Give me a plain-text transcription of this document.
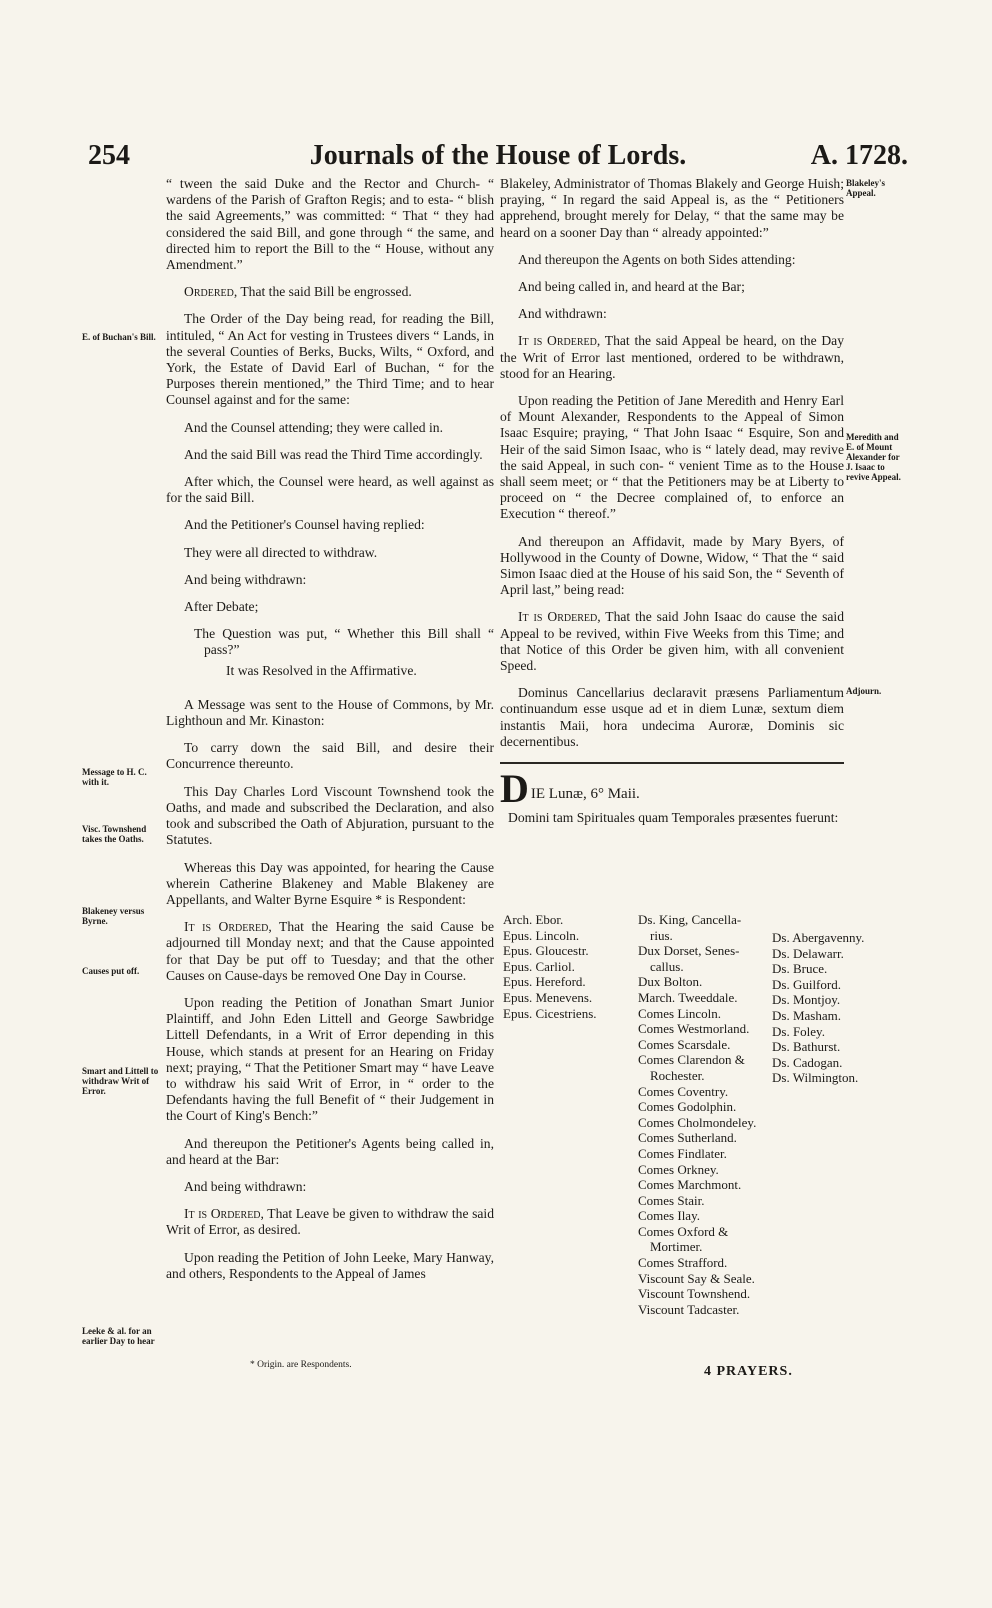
254	Journals of the House of Lords.	A. 1728.
“ tween the said Duke and the Rector and Church- “ wardens of the Parish of Grafton Regis; and to esta- “ blish the said Agreements,” was committed: “ That “ they had considered the said Bill, and gone through “ the same, and directed him to report the Bill to the “ House, without any Amendment.”
Ordered, That the said Bill be engrossed.
The Order of the Day being read, for reading the Bill, intituled, “ An Act for vesting in Trustees divers “ Lands, in the several Counties of Berks, Bucks, Wilts, “ Oxford, and York, the Estate of David Earl of Buchan, “ for the Purposes therein mentioned,” the Third Time; and to hear Counsel against and for the same:
And the Counsel attending; they were called in.
And the said Bill was read the Third Time accordingly.
After which, the Counsel were heard, as well against as for the said Bill.
And the Petitioner's Counsel having replied:
They were all directed to withdraw.
And being withdrawn:
After Debate;
The Question was put, “ Whether this Bill shall “ pass?”
It was Resolved in the Affirmative.
A Message was sent to the House of Commons, by Mr. Lighthoun and Mr. Kinaston:
To carry down the said Bill, and desire their Concurrence thereunto.
This Day Charles Lord Viscount Townshend took the Oaths, and made and subscribed the Declaration, and also took and subscribed the Oath of Abjuration, pursuant to the Statutes.
Whereas this Day was appointed, for hearing the Cause wherein Catherine Blakeney and Mable Blakeney are Appellants, and Walter Byrne Esquire * is Respondent:
It is Ordered, That the Hearing the said Cause be adjourned till Monday next; and that the Cause appointed for that Day be put off to Tuesday; and that the other Causes on Cause-days be removed One Day in Course.
Upon reading the Petition of Jonathan Smart Junior Plaintiff, and John Eden Littell and George Sawbridge Littell Defendants, in a Writ of Error depending in this House, which stands at present for an Hearing on Friday next; praying, “ That the Petitioner Smart may “ have Leave to withdraw his said Writ of Error, in “ order to the Defendants having the full Benefit of “ their Judgement in the Court of King's Bench:”
And thereupon the Petitioner's Agents being called in, and heard at the Bar:
And being withdrawn:
It is Ordered, That Leave be given to withdraw the said Writ of Error, as desired.
Upon reading the Petition of John Leeke, Mary Hanway, and others, Respondents to the Appeal of James
Blakeley, Administrator of Thomas Blakely and George Huish; praying, “ In regard the said Appeal is, as the “ Petitioners apprehend, brought merely for Delay, “ that the same may be heard on a sooner Day than “ already appointed:”
And thereupon the Agents on both Sides attending:
And being called in, and heard at the Bar;
And withdrawn:
It is Ordered, That the said Appeal be heard, on the Day the Writ of Error last mentioned, ordered to be withdrawn, stood for an Hearing.
Upon reading the Petition of Jane Meredith and Henry Earl of Mount Alexander, Respondents to the Appeal of Simon Isaac Esquire; praying, “ That John Isaac “ Esquire, Son and Heir of the said Simon Isaac, who is “ lately dead, may revive the said Appeal, in such con- “ venient Time as to the House shall seem meet; or “ that the Petitioners may be at Liberty to proceed on “ the Decree complained of, to enforce an Execution “ thereof.”
And thereupon an Affidavit, made by Mary Byers, of Hollywood in the County of Downe, Widow, “ That the “ said Simon Isaac died at the House of his said Son, the “ Seventh of April last,” being read:
It is Ordered, That the said John Isaac do cause the said Appeal to be revived, within Five Weeks from this Time; and that Notice of this Order be given him, with all convenient Speed.
Dominus Cancellarius declaravit præsens Parliamentum continuandum esse usque ad et in diem Lunæ, sextum diem instantis Maii, hora undecima Auroræ, Dominis sic decernentibus.
DIE Lunæ, 6° Maii.
Domini tam Spirituales quam Temporales præsentes fuerunt:
Arch. Ebor.
Epus. Lincoln.
Epus. Gloucestr.
Epus. Carliol.
Epus. Hereford.
Epus. Menevens.
Epus. Cicestriens.
Ds. King, Cancella-
rius.
Dux Dorset, Senes-
callus.
Dux Bolton.
March. Tweeddale.
Comes Lincoln.
Comes Westmorland.
Comes Scarsdale.
Comes Clarendon &
Rochester.
Comes Coventry.
Comes Godolphin.
Comes Cholmondeley.
Comes Sutherland.
Comes Findlater.
Comes Orkney.
Comes Marchmont.
Comes Stair.
Comes Ilay.
Comes Oxford &
Mortimer.
Comes Strafford.
Viscount Say & Seale.
Viscount Townshend.
Viscount Tadcaster.
Ds. Abergavenny.
Ds. Delawarr.
Ds. Bruce.
Ds. Guilford.
Ds. Montjoy.
Ds. Masham.
Ds. Foley.
Ds. Bathurst.
Ds. Cadogan.
Ds. Wilmington.
E. of Buchan's Bill.
Message to H. C. with it.
Visc. Townshend takes the Oaths.
Blakeney versus Byrne.
Causes put off.
Smart and Littell to withdraw Writ of Error.
Leeke & al. for an earlier Day to hear
Blakeley's Appeal.
Meredith and E. of Mount Alexander for J. Isaac to revive Appeal.
Adjourn.
* Origin. are Respondents.	4 PRAYERS.
